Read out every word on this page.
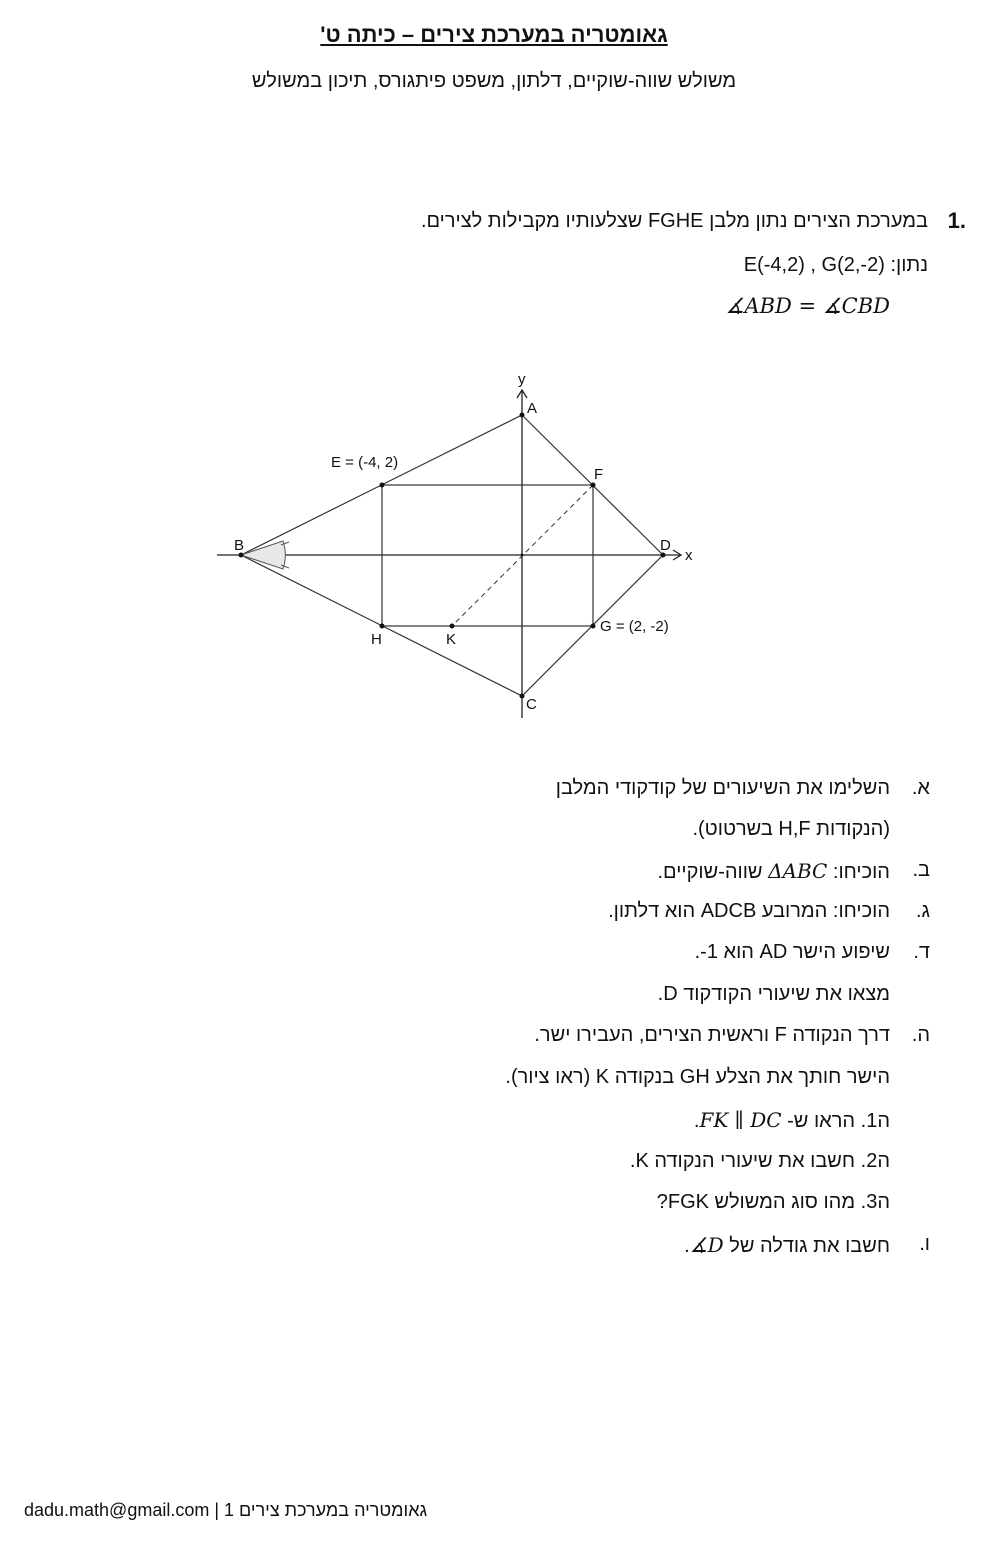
גאומטריה במערכת צירים – כיתה ט'
משולש שווה-שוקיים, דלתון, משפט פיתגורס, תיכון במשולש
1.
במערכת הצירים נתון מלבן FGHE שצלעותיו מקבילות לצירים.
נתון: E(-4,2) , G(2,-2)
∡ABD = ∡CBD
x
y
A
B
C
D
E = (-4, 2)
F
G = (2, -2)
H	K
א.
השלימו את השיעורים של קודקודי המלבן
(הנקודות H,F בשרטוט).
ב.
הוכיחו: ΔABC שווה-שוקיים.
ג.
הוכיחו: המרובע ADCB הוא דלתון.
ד.
שיפוע הישר AD הוא 1-.
מצאו את שיעורי הקודקוד D.
ה.
דרך הנקודה F וראשית הצירים, העבירו ישר.
הישר חותך את הצלע GH בנקודה K (ראו ציור).
ה1. הראו ש- FK ∥ DC.
ה2. חשבו את שיעורי הנקודה K.
ה3. מהו סוג המשולש FGK?
ו.
חשבו את גודלה של ∡D.
dadu.math@gmail.com | גאומטריה במערכת צירים 1
